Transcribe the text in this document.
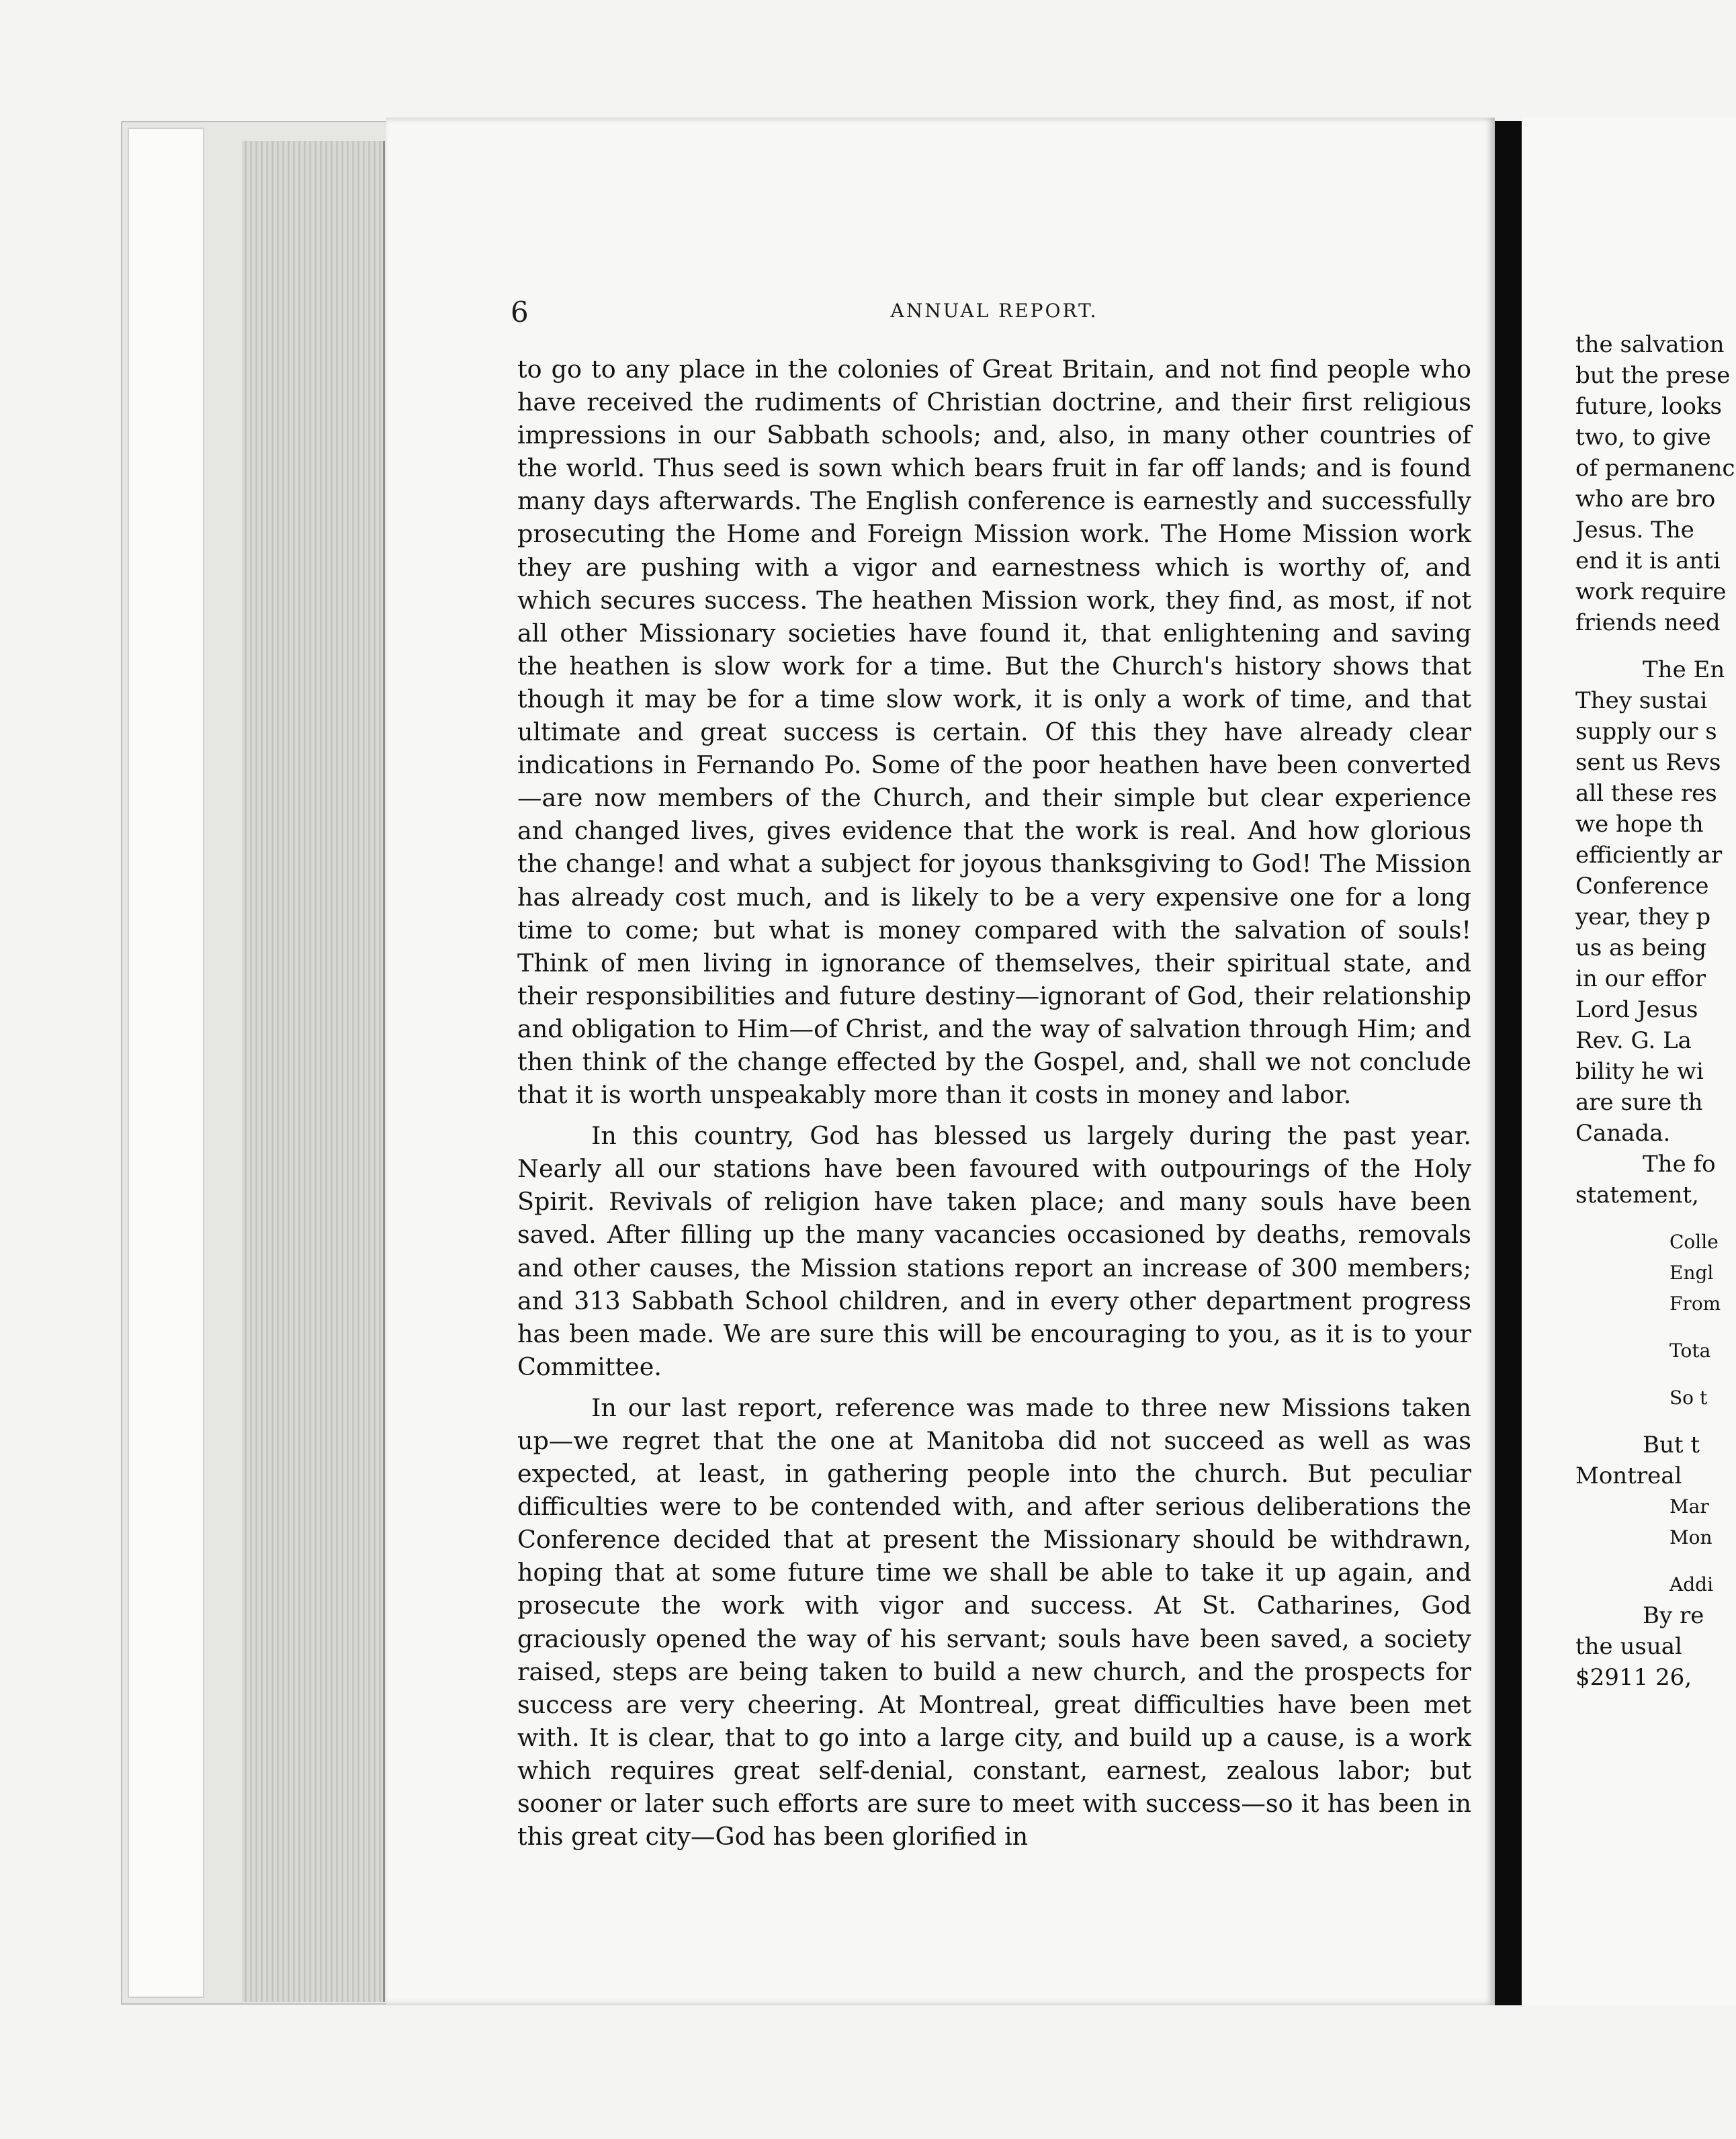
6	ANNUAL REPORT.

to go to any place in the colonies of Great Britain, and not find people who have received the rudiments of Christian doctrine, and their first religious impressions in our Sabbath schools; and, also, in many other countries of the world. Thus seed is sown which bears fruit in far off lands; and is found many days afterwards. The English conference is earnestly and successfully prosecuting the Home and Foreign Mission work. The Home Mission work they are pushing with a vigor and earnestness which is worthy of, and which secures success. The heathen Mission work, they find, as most, if not all other Missionary societies have found it, that enlightening and saving the heathen is slow work for a time. But the Church's history shows that though it may be for a time slow work, it is only a work of time, and that ultimate and great success is certain. Of this they have already clear indications in Fernando Po. Some of the poor heathen have been converted—are now members of the Church, and their simple but clear experience and changed lives, gives evidence that the work is real. And how glorious the change! and what a subject for joyous thanksgiving to God! The Mission has already cost much, and is likely to be a very expensive one for a long time to come; but what is money compared with the salvation of souls! Think of men living in ignorance of themselves, their spiritual state, and their responsibilities and future destiny—ignorant of God, their relationship and obligation to Him—of Christ, and the way of salvation through Him; and then think of the change effected by the Gospel, and, shall we not conclude that it is worth unspeakably more than it costs in money and labor.

In this country, God has blessed us largely during the past year. Nearly all our stations have been favoured with outpourings of the Holy Spirit. Revivals of religion have taken place; and many souls have been saved. After filling up the many vacancies occasioned by deaths, removals and other causes, the Mission stations report an increase of 300 members; and 313 Sabbath School children, and in every other department progress has been made. We are sure this will be encouraging to you, as it is to your Committee.

In our last report, reference was made to three new Missions taken up—we regret that the one at Manitoba did not succeed as well as was expected, at least, in gathering people into the church. But peculiar difficulties were to be contended with, and after serious deliberations the Conference decided that at present the Missionary should be withdrawn, hoping that at some future time we shall be able to take it up again, and prosecute the work with vigor and success. At St. Catharines, God graciously opened the way of his servant; souls have been saved, a society raised, steps are being taken to build a new church, and the prospects for success are very cheering. At Montreal, great difficulties have been met with. It is clear, that to go into a large city, and build up a cause, is a work which requires great self-denial, constant, earnest, zealous labor; but sooner or later such efforts are sure to meet with success—so it has been in this great city—God has been glorified in

the salvation
but the prese
future, looks
two, to give
of permanenc
who are bro
Jesus. The
end it is anti
work require
friends need
The En
They sustai
supply our s
sent us Revs
all these res
we hope th
efficiently ar
Conference
year, they p
us as being
in our effor
Lord Jesus
Rev. G. La
bility he wi
are sure th
Canada.
The fo
statement,
Colle
Engl
From
Tota
So t
But t
Montreal
Mar
Mon
Addi
By re
the usual
$2911 26,
